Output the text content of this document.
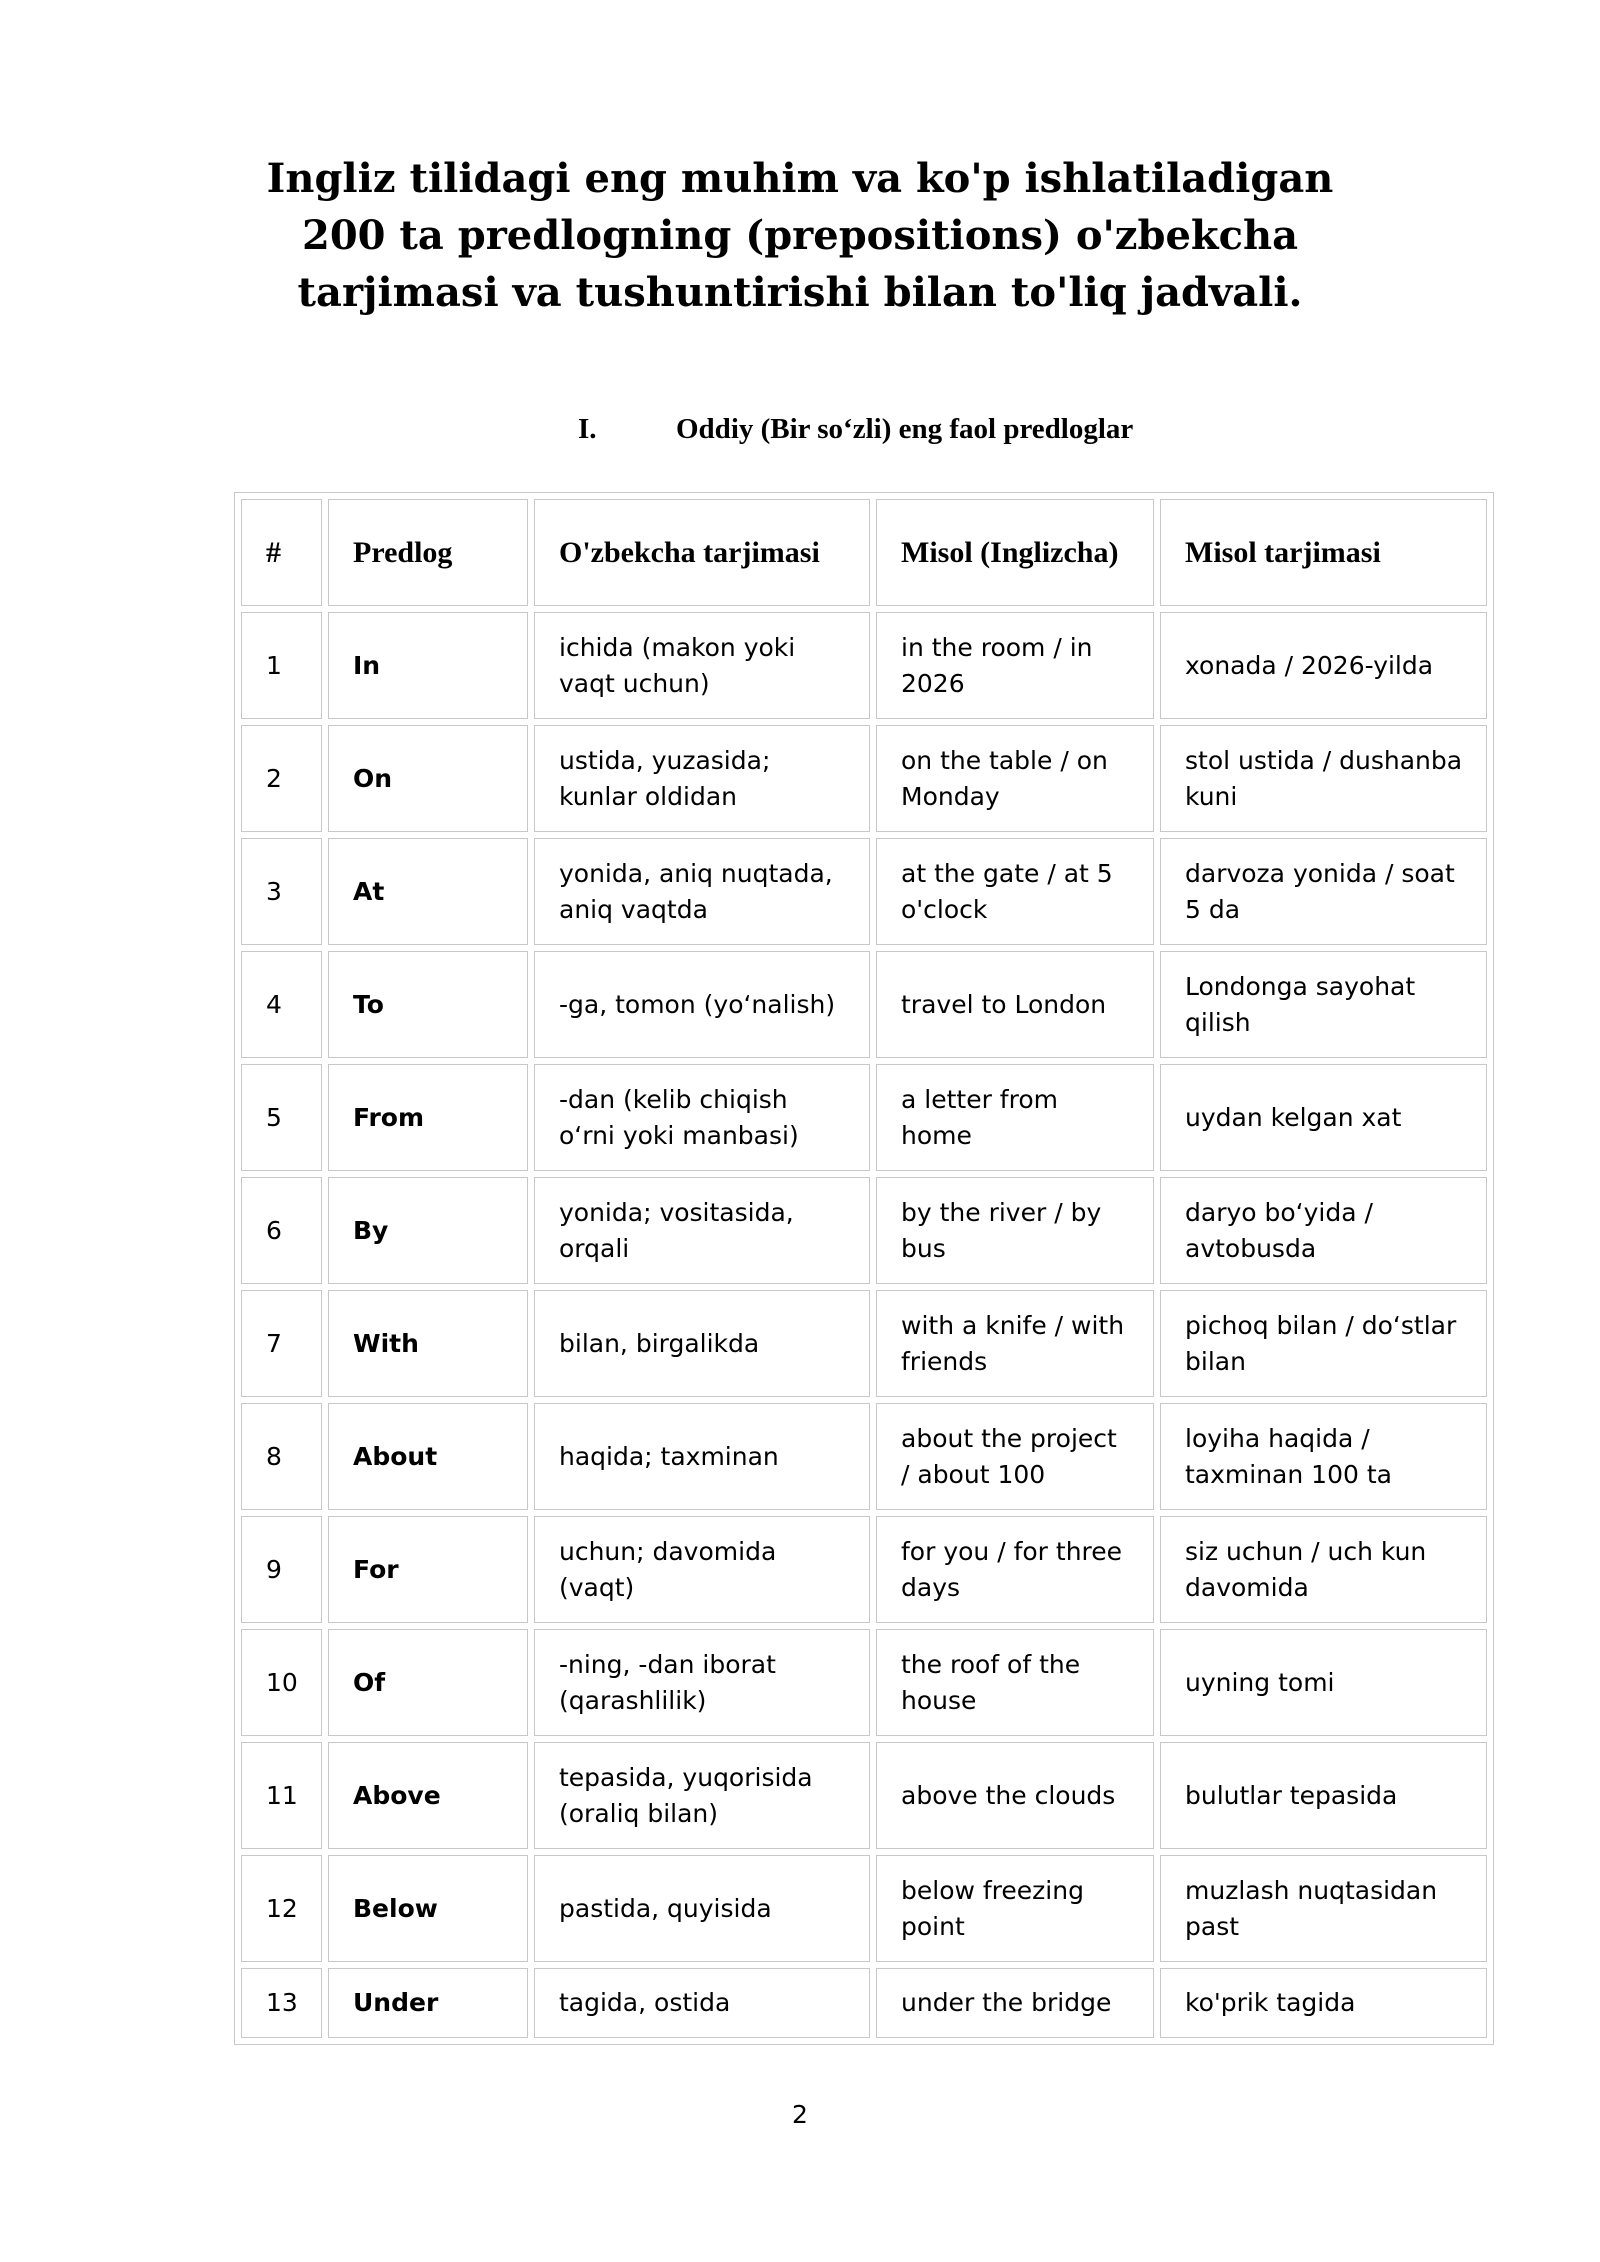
Ingliz tilidagi eng muhim va ko'p ishlatiladigan 200 ta predlogning (prepositions) o'zbekcha tarjimasi va tushuntirishi bilan to'liq jadvali.
I.	Oddiy (Bir so‘zli) eng faol predloglar
#	Predlog	O'zbekcha tarjimasi	Misol (Inglizcha)	Misol tarjimasi
1	In	ichida (makon yoki vaqt uchun)	in the room / in 2026	xonada / 2026-yilda
2	On	ustida, yuzasida; kunlar oldidan	on the table / on Monday	stol ustida / dushanba kuni
3	At	yonida, aniq nuqtada, aniq vaqtda	at the gate / at 5 o'clock	darvoza yonida / soat 5 da
4	To	-ga, tomon (yo‘nalish)	travel to London	Londonga sayohat qilish
5	From	-dan (kelib chiqish o‘rni yoki manbasi)	a letter from home	uydan kelgan xat
6	By	yonida; vositasida, orqali	by the river / by bus	daryo bo‘yida / avtobusda
7	With	bilan, birgalikda	with a knife / with friends	pichoq bilan / do‘stlar bilan
8	About	haqida; taxminan	about the project / about 100	loyiha haqida / taxminan 100 ta
9	For	uchun; davomida (vaqt)	for you / for three days	siz uchun / uch kun davomida
10	Of	-ning, -dan iborat (qarashlilik)	the roof of the house	uyning tomi
11	Above	tepasida, yuqorisida (oraliq bilan)	above the clouds	bulutlar tepasida
12	Below	pastida, quyisida	below freezing point	muzlash nuqtasidan past
13	Under	tagida, ostida	under the bridge	ko'prik tagida
2
